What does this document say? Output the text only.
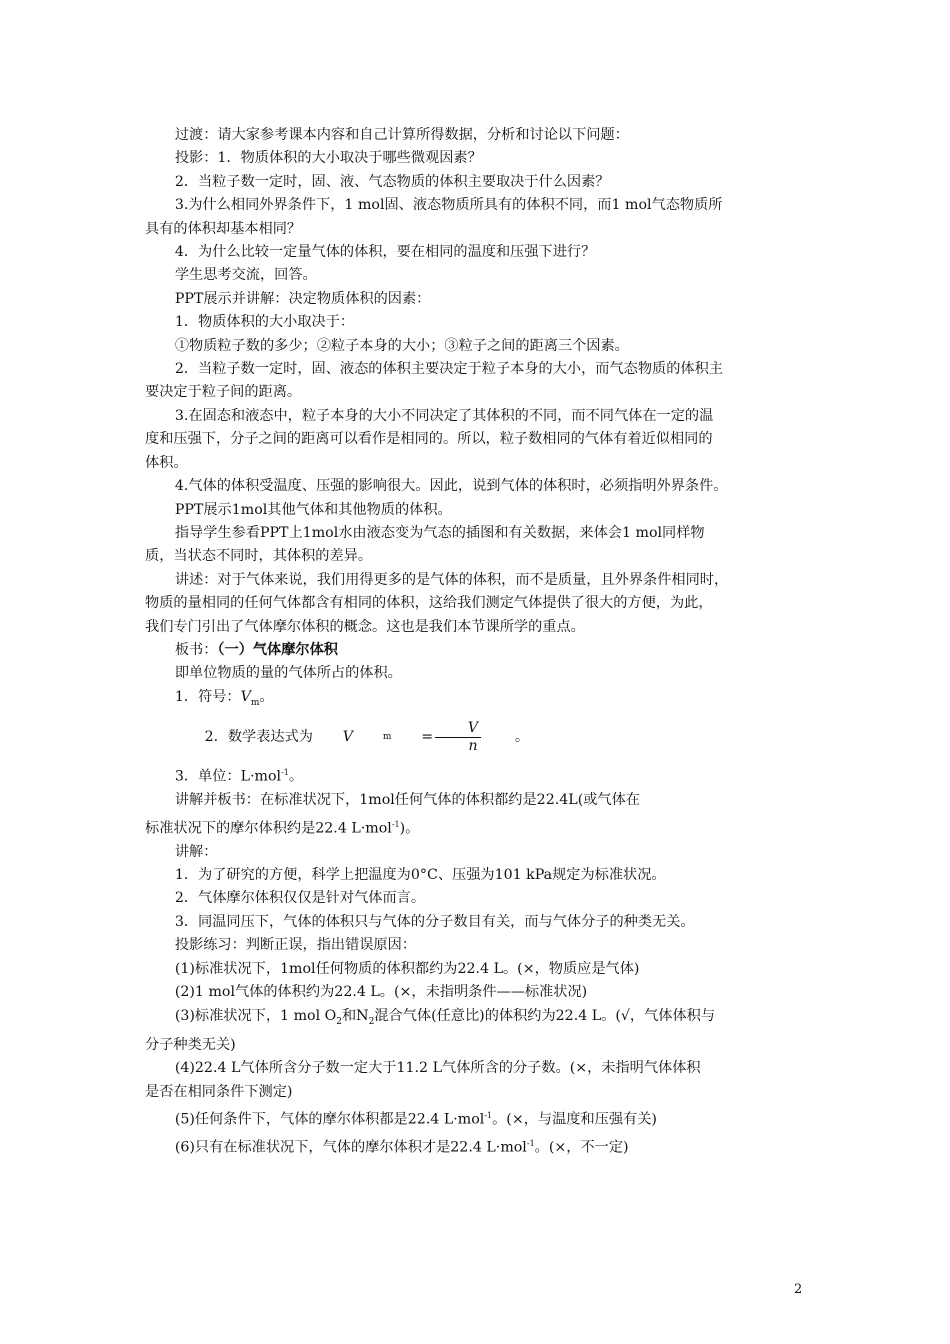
过渡：请大家参考课本内容和自己计算所得数据，分析和讨论以下问题：

投影：1．物质体积的大小取决于哪些微观因素？

2．当粒子数一定时，固、液、气态物质的体积主要取决于什么因素？

3.为什么相同外界条件下，1 mol固、液态物质所具有的体积不同，而1 mol气态物质所

具有的体积却基本相同？

4．为什么比较一定量气体的体积，要在相同的温度和压强下进行？

学生思考交流，回答。

PPT展示并讲解：决定物质体积的因素：

1．物质体积的大小取决于：

①物质粒子数的多少；②粒子本身的大小；③粒子之间的距离三个因素。

2．当粒子数一定时，固、液态的体积主要决定于粒子本身的大小，而气态物质的体积主

要决定于粒子间的距离。

3.在固态和液态中，粒子本身的大小不同决定了其体积的不同，而不同气体在一定的温

度和压强下，分子之间的距离可以看作是相同的。所以，粒子数相同的气体有着近似相同的

体积。

4.气体的体积受温度、压强的影响很大。因此，说到气体的体积时，必须指明外界条件。

PPT展示1mol其他气体和其他物质的体积。

指导学生参看PPT上1mol水由液态变为气态的插图和有关数据，来体会1 mol同样物

质，当状态不同时，其体积的差异。

讲述：对于气体来说，我们用得更多的是气体的体积，而不是质量，且外界条件相同时，

物质的量相同的任何气体都含有相同的体积，这给我们测定气体提供了很大的方便，为此，

我们专门引出了气体摩尔体积的概念。这也是我们本节课所学的重点。

板书：（一）气体摩尔体积

即单位物质的量的气体所占的体积。

1．符号：$V_m$。

2．数学表达式为	V	m	= $\frac{V}{n}$	。

3．单位：L·mol$^{-1}$。

讲解并板书：在标准状况下，1mol任何气体的体积都约是22.4L(或气体在

标准状况下的摩尔体积约是22.4 L·mol$^{-1}$)。

讲解：

1．为了研究的方便，科学上把温度为0°C、压强为101 kPa规定为标准状况。

2．气体摩尔体积仅仅是针对气体而言。

3．同温同压下，气体的体积只与气体的分子数目有关，而与气体分子的种类无关。

投影练习：判断正误，指出错误原因：

(1)标准状况下，1mol任何物质的体积都约为22.4 L。(×，物质应是气体)

(2)1 mol气体的体积约为22.4 L。(×，未指明条件——标准状况)

(3)标准状况下，1 mol $O_2$和$N_2$混合气体(任意比)的体积约为22.4 L。(√，气体体积与

分子种类无关)

(4)22.4 L气体所含分子数一定大于11.2 L气体所含的分子数。(×，未指明气体体积

是否在相同条件下测定)

(5)任何条件下，气体的摩尔体积都是22.4 L·mol$^{-1}$。(×，与温度和压强有关)

(6)只有在标准状况下，气体的摩尔体积才是22.4 L·mol$^{-1}$。(×，不一定)

2
